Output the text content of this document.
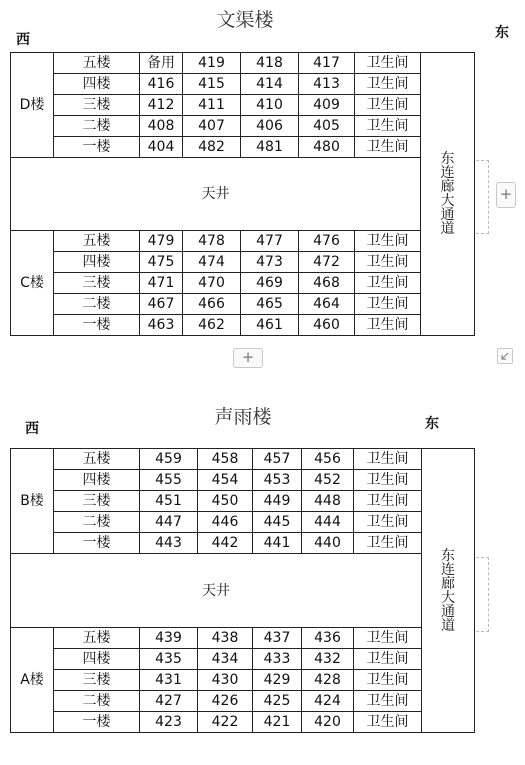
文渠楼
西	东
D楼	五楼	备用	419	418	417	卫生间	东连廊大通道
	四楼	416	415	414	413	卫生间	
	三楼	412	411	410	409	卫生间	
	二楼	408	407	406	405	卫生间	
	一楼	404	482	481	480	卫生间	
天井							
C楼	五楼	479	478	477	476	卫生间	
	四楼	475	474	473	472	卫生间	
	三楼	471	470	469	468	卫生间	
	二楼	467	466	465	464	卫生间	
	一楼	463	462	461	460	卫生间	
+
+
声雨楼
西	东
B楼	五楼	459	458	457	456	卫生间	东连廊大通道
	四楼	455	454	453	452	卫生间	
	三楼	451	450	449	448	卫生间	
	二楼	447	446	445	444	卫生间	
	一楼	443	442	441	440	卫生间	
天井							
A楼	五楼	439	438	437	436	卫生间	
	四楼	435	434	433	432	卫生间	
	三楼	431	430	429	428	卫生间	
	二楼	427	426	425	424	卫生间	
	一楼	423	422	421	420	卫生间	
